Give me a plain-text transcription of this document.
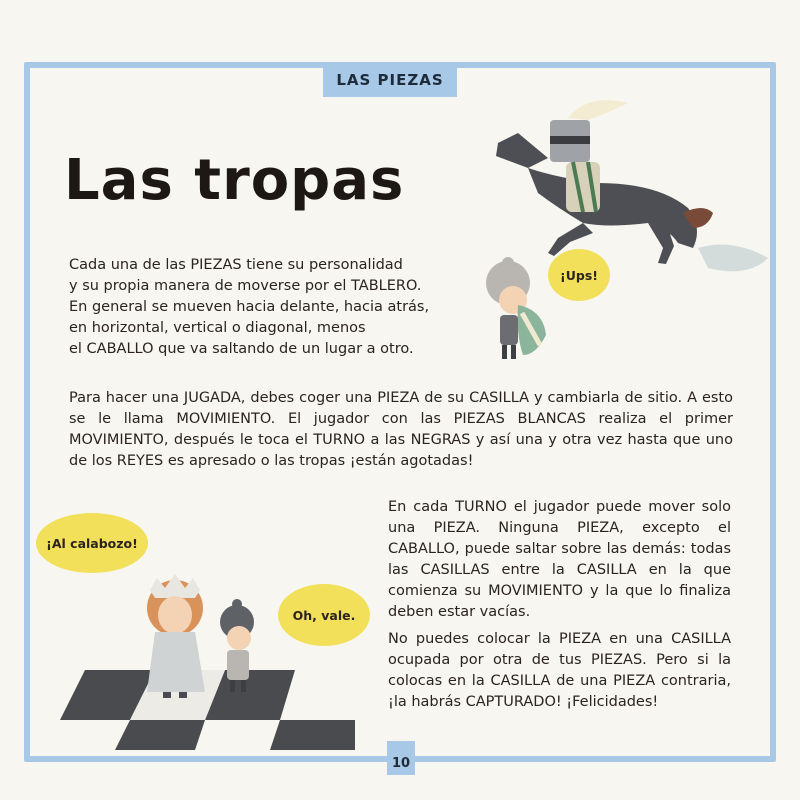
LAS PIEZAS
Las tropas
¡Ups!
Cada una de las PIEZAS tiene su personalidad
y su propia manera de moverse por el TABLERO.
En general se mueven hacia delante, hacia atrás,
en horizontal, vertical o diagonal, menos
el CABALLO que va saltando de un lugar a otro.
Para hacer una JUGADA, debes coger una PIEZA de su CASILLA y cambiarla de sitio. A esto se le llama MOVIMIENTO. El jugador con las PIEZAS BLANCAS realiza el primer MOVIMIENTO, después le toca el TURNO a las NEGRAS y así una y otra vez hasta que uno de los REYES es apresado o las tropas ¡están agotadas!
¡Al calabozo!
Oh, vale.
En cada TURNO el jugador puede mover solo una PIEZA. Ninguna PIEZA, excepto el CABALLO, puede saltar sobre las demás: todas las CASILLAS entre la CASILLA en la que comienza su MOVIMIENTO y la que lo finaliza deben estar vacías.
No puedes colocar la PIEZA en una CASILLA ocupada por otra de tus PIEZAS. Pero si la colocas en la CASILLA de una PIEZA contraria, ¡la habrás CAPTURADO! ¡Felicidades!
10
